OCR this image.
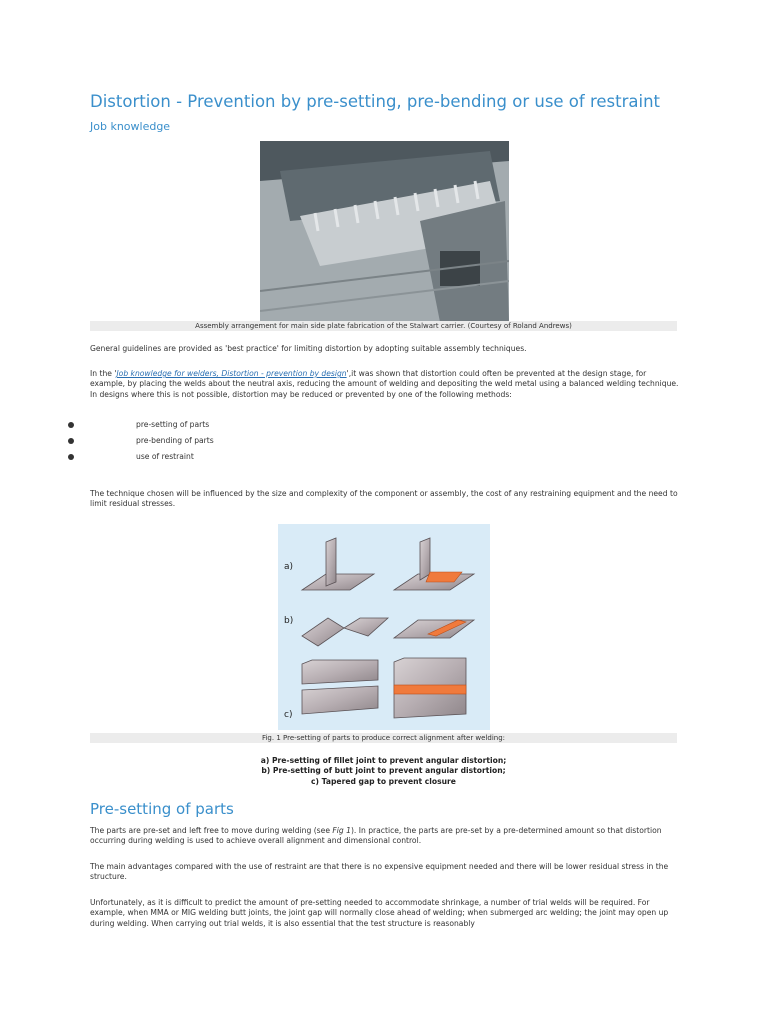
Distortion - Prevention by pre-setting, pre-bending or use of restraint
Job knowledge
Assembly arrangement for main side plate fabrication of the Stalwart carrier. (Courtesy of Roland Andrews)

General guidelines are provided as 'best practice' for limiting distortion by adopting suitable assembly techniques.

In the 'Job knowledge for welders, Distortion - prevention by design',it was shown that distortion could often be prevented at the design stage, for example, by placing the welds about the neutral axis, reducing the amount of welding and depositing the weld metal using a balanced welding technique. In designs where this is not possible, distortion may be reduced or prevented by one of the following methods:

pre-setting of parts
pre-bending of parts
use of restraint

The technique chosen will be influenced by the size and complexity of the component or assembly, the cost of any restraining equipment and the need to limit residual stresses.

a)
b)
c)
Fig. 1 Pre-setting of parts to produce correct alignment after welding:
a) Pre-setting of fillet joint to prevent angular distortion;
b) Pre-setting of butt joint to prevent angular distortion;
c) Tapered gap to prevent closure
Pre-setting of parts

The parts are pre-set and left free to move during welding (see Fig 1). In practice, the parts are pre-set by a pre-determined amount so that distortion occurring during welding is used to achieve overall alignment and dimensional control.

The main advantages compared with the use of restraint are that there is no expensive equipment needed and there will be lower residual stress in the structure.

Unfortunately, as it is difficult to predict the amount of pre-setting needed to accommodate shrinkage, a number of trial welds will be required. For example, when MMA or MIG welding butt joints, the joint gap will normally close ahead of welding; when submerged arc welding; the joint may open up during welding. When carrying out trial welds, it is also essential that the test structure is reasonably
